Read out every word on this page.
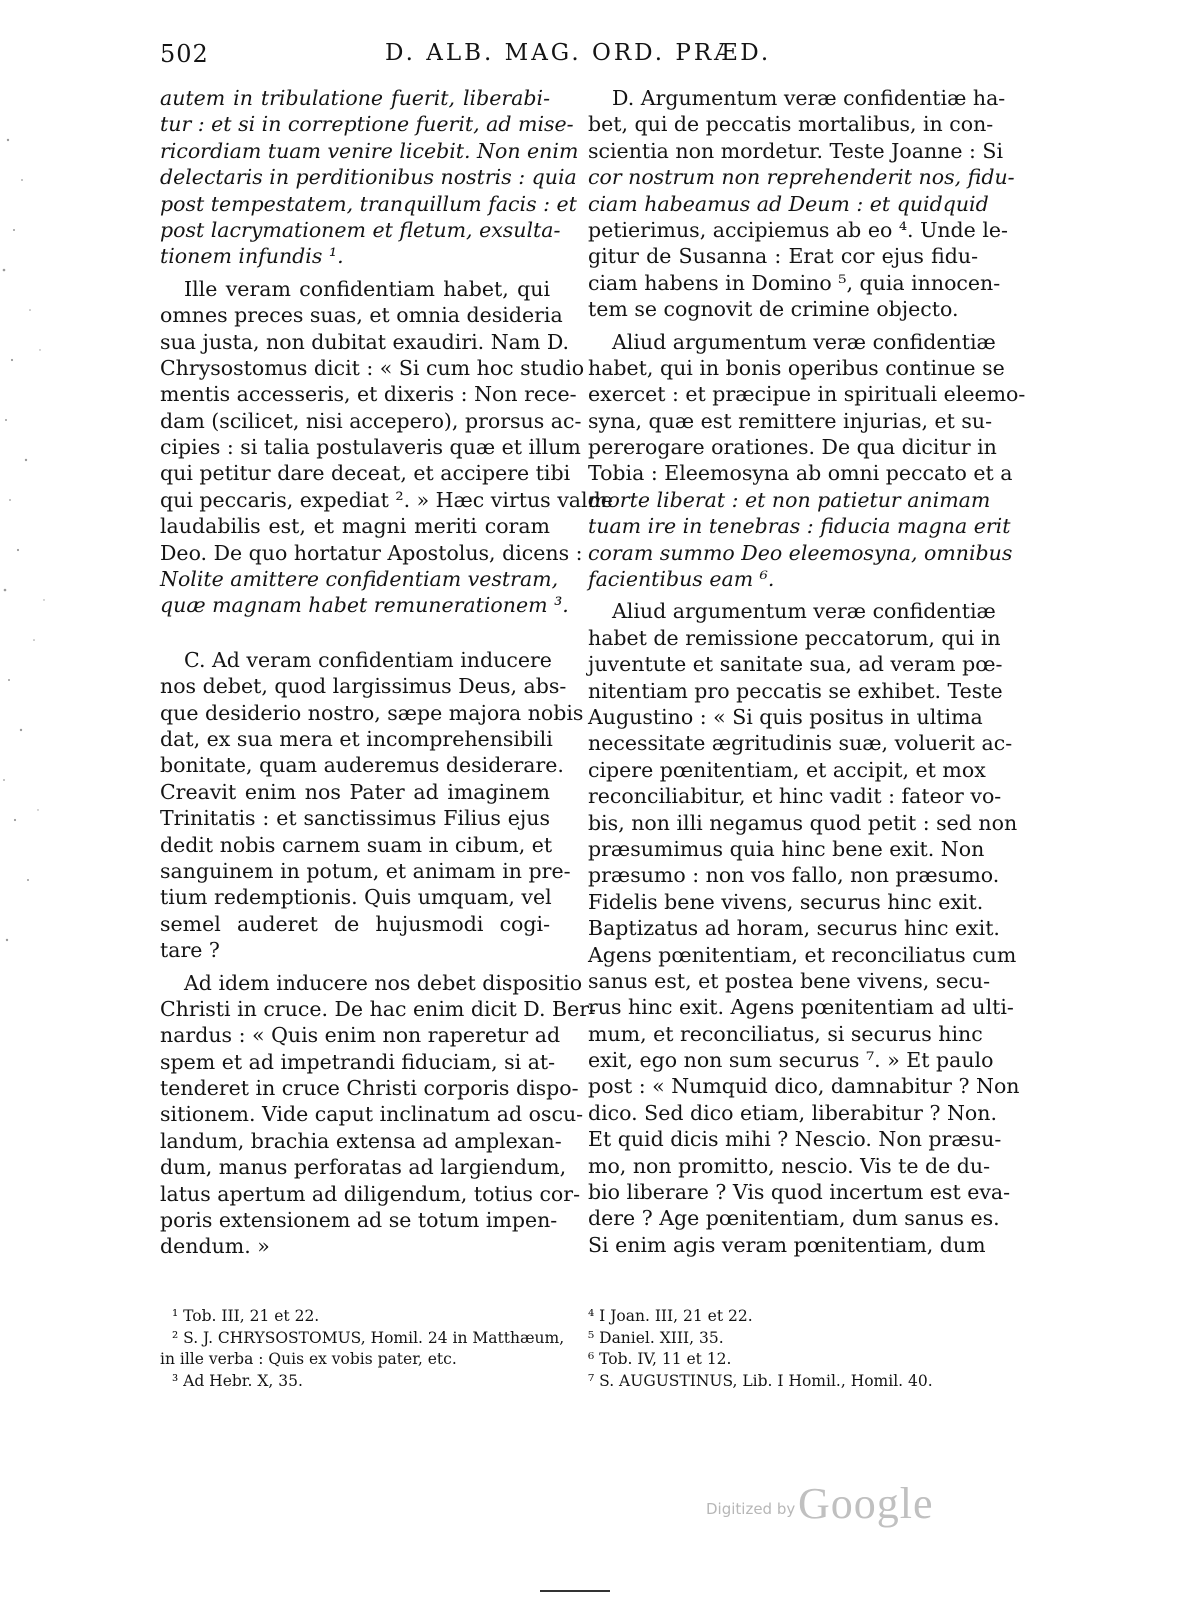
502	D. ALB. MAG. ORD. PRÆD.
autem in tribulatione fuerit, liberabi-
tur : et si in correptione fuerit, ad mise-
ricordiam tuam venire licebit. Non enim
delectaris in perditionibus nostris : quia
post tempestatem, tranquillum facis : et
post lacrymationem et fletum, exsulta-
tionem infundis ¹.
Ille veram confidentiam habet, qui
omnes preces suas, et omnia desideria
sua justa, non dubitat exaudiri. Nam D.
Chrysostomus dicit : « Si cum hoc studio
mentis accesseris, et dixeris : Non rece-
dam (scilicet, nisi accepero), prorsus ac-
cipies : si talia postulaveris quæ et illum
qui petitur dare deceat, et accipere tibi
qui peccaris, expediat ². » Hæc virtus valde
laudabilis est, et magni meriti coram
Deo. De quo hortatur Apostolus, dicens :
Nolite amittere confidentiam vestram,
quæ magnam habet remunerationem ³.
C. Ad veram confidentiam inducere
nos debet, quod largissimus Deus, abs-
que desiderio nostro, sæpe majora nobis
dat, ex sua mera et incomprehensibili
bonitate, quam auderemus desiderare.
Creavit enim nos Pater ad imaginem
Trinitatis : et sanctissimus Filius ejus
dedit nobis carnem suam in cibum, et
sanguinem in potum, et animam in pre-
tium redemptionis. Quis umquam, vel
semel auderet de hujusmodi cogi-
tare ?
Ad idem inducere nos debet dispositio
Christi in cruce. De hac enim dicit D. Ber-
nardus : « Quis enim non raperetur ad
spem et ad impetrandi fiduciam, si at-
tenderet in cruce Christi corporis dispo-
sitionem. Vide caput inclinatum ad oscu-
landum, brachia extensa ad amplexan-
dum, manus perforatas ad largiendum,
latus apertum ad diligendum, totius cor-
poris extensionem ad se totum impen-
dendum. »
D. Argumentum veræ confidentiæ ha-
bet, qui de peccatis mortalibus, in con-
scientia non mordetur. Teste Joanne : Si
cor nostrum non reprehenderit nos, fidu-
ciam habeamus ad Deum : et quidquid
petierimus, accipiemus ab eo ⁴. Unde le-
gitur de Susanna : Erat cor ejus fidu-
ciam habens in Domino ⁵, quia innocen-
tem se cognovit de crimine objecto.
Aliud argumentum veræ confidentiæ
habet, qui in bonis operibus continue se
exercet : et præcipue in spirituali eleemo-
syna, quæ est remittere injurias, et su-
pererogare orationes. De qua dicitur in
Tobia : Eleemosyna ab omni peccato et a
morte liberat : et non patietur animam
tuam ire in tenebras : fiducia magna erit
coram summo Deo eleemosyna, omnibus
facientibus eam ⁶.
Aliud argumentum veræ confidentiæ
habet de remissione peccatorum, qui in
juventute et sanitate sua, ad veram pœ-
nitentiam pro peccatis se exhibet. Teste
Augustino : « Si quis positus in ultima
necessitate ægritudinis suæ, voluerit ac-
cipere pœnitentiam, et accipit, et mox
reconciliabitur, et hinc vadit : fateor vo-
bis, non illi negamus quod petit : sed non
præsumimus quia hinc bene exit. Non
præsumo : non vos fallo, non præsumo.
Fidelis bene vivens, securus hinc exit.
Baptizatus ad horam, securus hinc exit.
Agens pœnitentiam, et reconciliatus cum
sanus est, et postea bene vivens, secu-
rus hinc exit. Agens pœnitentiam ad ulti-
mum, et reconciliatus, si securus hinc
exit, ego non sum securus ⁷. » Et paulo
post : « Numquid dico, damnabitur ? Non
dico. Sed dico etiam, liberabitur ? Non.
Et quid dicis mihi ? Nescio. Non præsu-
mo, non promitto, nescio. Vis te de du-
bio liberare ? Vis quod incertum est eva-
dere ? Age pœnitentiam, dum sanus es.
Si enim agis veram pœnitentiam, dum
¹ Tob. III, 21 et 22.
² S. J. CHRYSOSTOMUS, Homil. 24 in Matthæum,
in ille verba : Quis ex vobis pater, etc.
³ Ad Hebr. X, 35.
⁴ I Joan. III, 21 et 22.
⁵ Daniel. XIII, 35.
⁶ Tob. IV, 11 et 12.
⁷ S. AUGUSTINUS, Lib. I Homil., Homil. 40.
Digitized by Google
